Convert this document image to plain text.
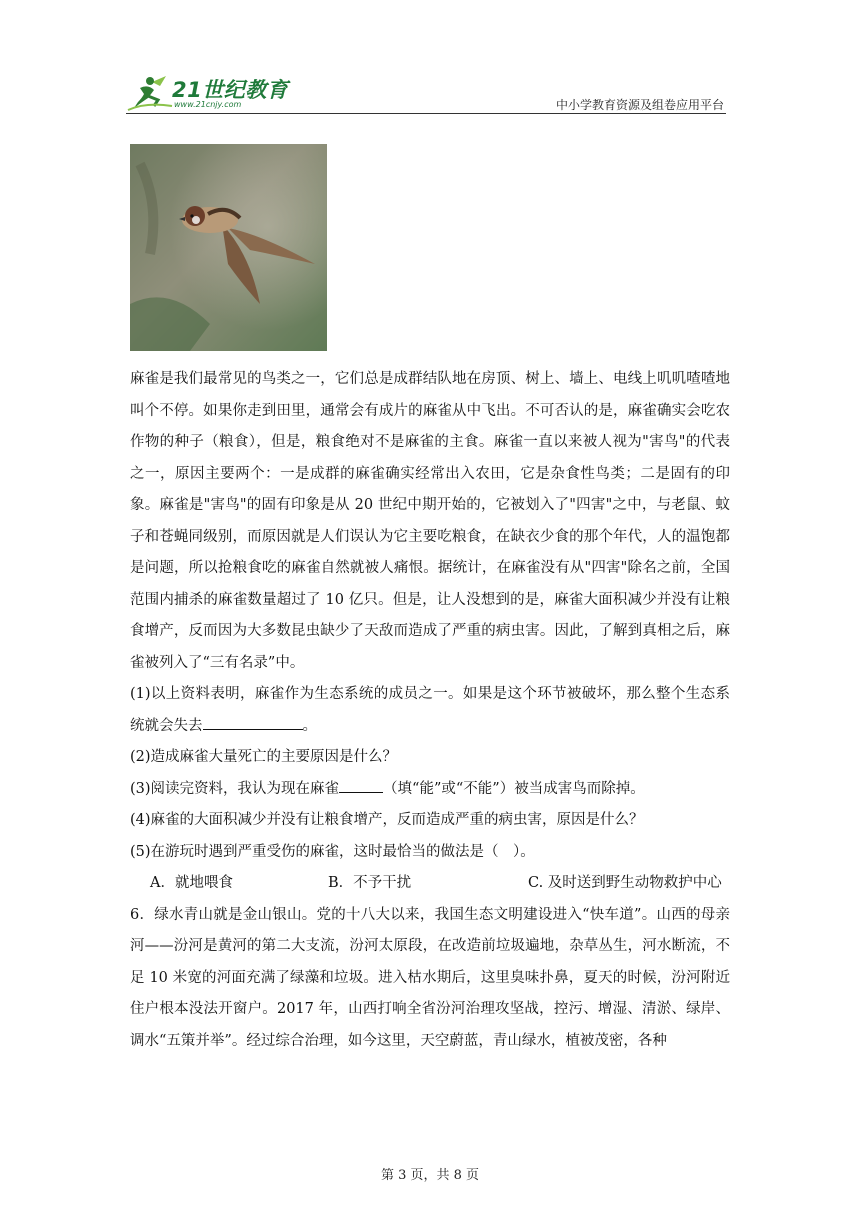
21世纪教育
www.21cnjy.com	中小学教育资源及组卷应用平台

麻雀是我们最常见的鸟类之一，它们总是成群结队地在房顶、树上、墙上、电线上叽叽喳喳地叫个不停。如果你走到田里，通常会有成片的麻雀从中飞出。不可否认的是，麻雀确实会吃农作物的种子（粮食），但是，粮食绝对不是麻雀的主食。麻雀一直以来被人视为"害鸟"的代表之一，原因主要两个：一是成群的麻雀确实经常出入农田，它是杂食性鸟类；二是固有的印象。麻雀是"害鸟"的固有印象是从 20 世纪中期开始的，它被划入了"四害"之中，与老鼠、蚊子和苍蝇同级别，而原因就是人们误认为它主要吃粮食，在缺衣少食的那个年代，人的温饱都是问题，所以抢粮食吃的麻雀自然就被人痛恨。据统计，在麻雀没有从"四害"除名之前，全国范围内捕杀的麻雀数量超过了 10 亿只。但是，让人没想到的是，麻雀大面积减少并没有让粮食增产，反而因为大多数昆虫缺少了天敌而造成了严重的病虫害。因此，了解到真相之后，麻雀被列入了“三有名录”中。

(1)以上资料表明，麻雀作为生态系统的成员之一。如果是这个环节被破坏，那么整个生态系统就会失去	。

(2)造成麻雀大量死亡的主要原因是什么？

(3)阅读完资料，我认为现在麻雀	（填“能”或“不能”）被当成害鸟而除掉。

(4)麻雀的大面积减少并没有让粮食增产，反而造成严重的病虫害，原因是什么？

(5)在游玩时遇到严重受伤的麻雀，这时最恰当的做法是（　）。

A．就地喂食	B．不予干扰	C. 及时送到野生动物救护中心

6．绿水青山就是金山银山。党的十八大以来，我国生态文明建设进入“快车道”。山西的母亲河——汾河是黄河的第二大支流，汾河太原段，在改造前垃圾遍地，杂草丛生，河水断流，不足 10 米宽的河面充满了绿藻和垃圾。进入枯水期后，这里臭味扑鼻，夏天的时候，汾河附近住户根本没法开窗户。2017 年，山西打响全省汾河治理攻坚战，控污、增湿、清淤、绿岸、调水“五策并举”。经过综合治理，如今这里，天空蔚蓝，青山绿水，植被茂密，各种

第 3 页，共 8 页
